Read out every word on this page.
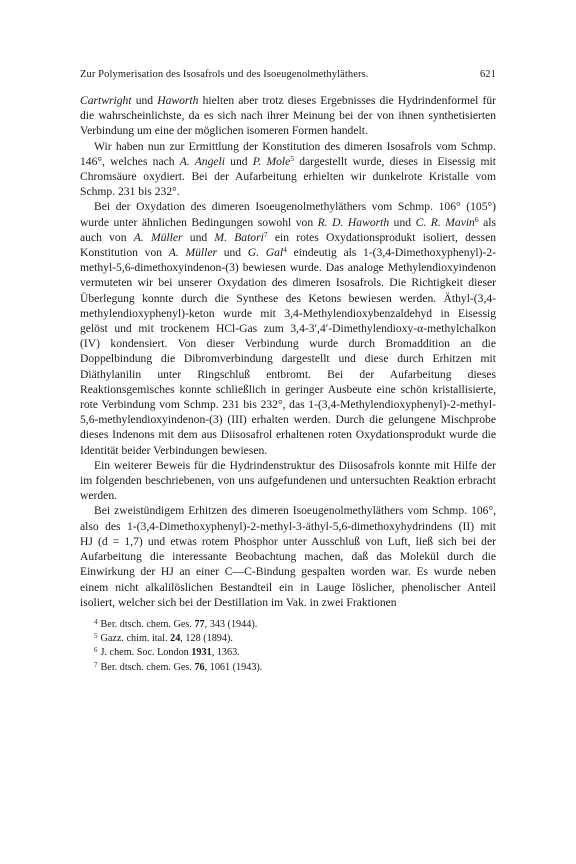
Zur Polymerisation des Isosafrols und des Isoeugenolmethyläthers.	621

Cartwright und Haworth hielten aber trotz dieses Ergebnisses die Hydrindenformel für die wahrscheinlichste, da es sich nach ihrer Meinung bei der von ihnen synthetisierten Verbindung um eine der möglichen isomeren Formen handelt.

Wir haben nun zur Ermittlung der Konstitution des dimeren Isosafrols vom Schmp. 146°, welches nach A. Angeli und P. Mole$^5$ dargestellt wurde, dieses in Eisessig mit Chromsäure oxydiert. Bei der Aufarbeitung erhielten wir dunkelrote Kristalle vom Schmp. 231 bis 232°.

Bei der Oxydation des dimeren Isoeugenolmethyläthers vom Schmp. 106° (105°) wurde unter ähnlichen Bedingungen sowohl von R. D. Haworth und C. R. Mavin$^6$ als auch von A. Müller und M. Batori$^7$ ein rotes Oxydationsprodukt isoliert, dessen Konstitution von A. Müller und G. Gal$^4$ eindeutig als 1-(3,4-Dimethoxyphenyl)-2-methyl-5,6-dimethoxyindenon-(3) bewiesen wurde. Das analoge Methylendioxyindenon vermuteten wir bei unserer Oxydation des dimeren Isosafrols. Die Richtigkeit dieser Überlegung konnte durch die Synthese des Ketons bewiesen werden. Äthyl-(3,4-methylendioxyphenyl)-keton wurde mit 3,4-Methylendioxybenzaldehyd in Eisessig gelöst und mit trockenem HCl-Gas zum 3,4-3′,4′-Dimethylendioxy-α-methylchalkon (IV) kondensiert. Von dieser Verbindung wurde durch Bromaddition an die Doppelbindung die Dibromverbindung dargestellt und diese durch Erhitzen mit Diäthylanilin unter Ringschluß entbromt. Bei der Aufarbeitung dieses Reaktionsgemisches konnte schließlich in geringer Ausbeute eine schön kristallisierte, rote Verbindung vom Schmp. 231 bis 232°, das 1-(3,4-Methylendioxyphenyl)-2-methyl-5,6-methylendioxyindenon-(3) (III) erhalten werden. Durch die gelungene Mischprobe dieses Indenons mit dem aus Diisosafrol erhaltenen roten Oxydationsprodukt wurde die Identität beider Verbindungen bewiesen.

Ein weiterer Beweis für die Hydrindenstruktur des Diisosafrols konnte mit Hilfe der im folgenden beschriebenen, von uns aufgefundenen und untersuchten Reaktion erbracht werden.

Bei zweistündigem Erhitzen des dimeren Isoeugenolmethyläthers vom Schmp. 106°, also des 1-(3,4-Dimethoxyphenyl)-2-methyl-3-äthyl-5,6-dimethoxyhydrindens (II) mit HJ (d = 1,7) und etwas rotem Phosphor unter Ausschluß von Luft, ließ sich bei der Aufarbeitung die interessante Beobachtung machen, daß das Molekül durch die Einwirkung der HJ an einer C—C-Bindung gespalten worden war. Es wurde neben einem nicht alkalilöslichen Bestandteil ein in Lauge löslicher, phenolischer Anteil isoliert, welcher sich bei der Destillation im Vak. in zwei Fraktionen

$^4$ Ber. dtsch. chem. Ges. 77, 343 (1944).
$^5$ Gazz. chim. ital. 24, 128 (1894).
$^6$ J. chem. Soc. London 1931, 1363.
$^7$ Ber. dtsch. chem. Ges. 76, 1061 (1943).
